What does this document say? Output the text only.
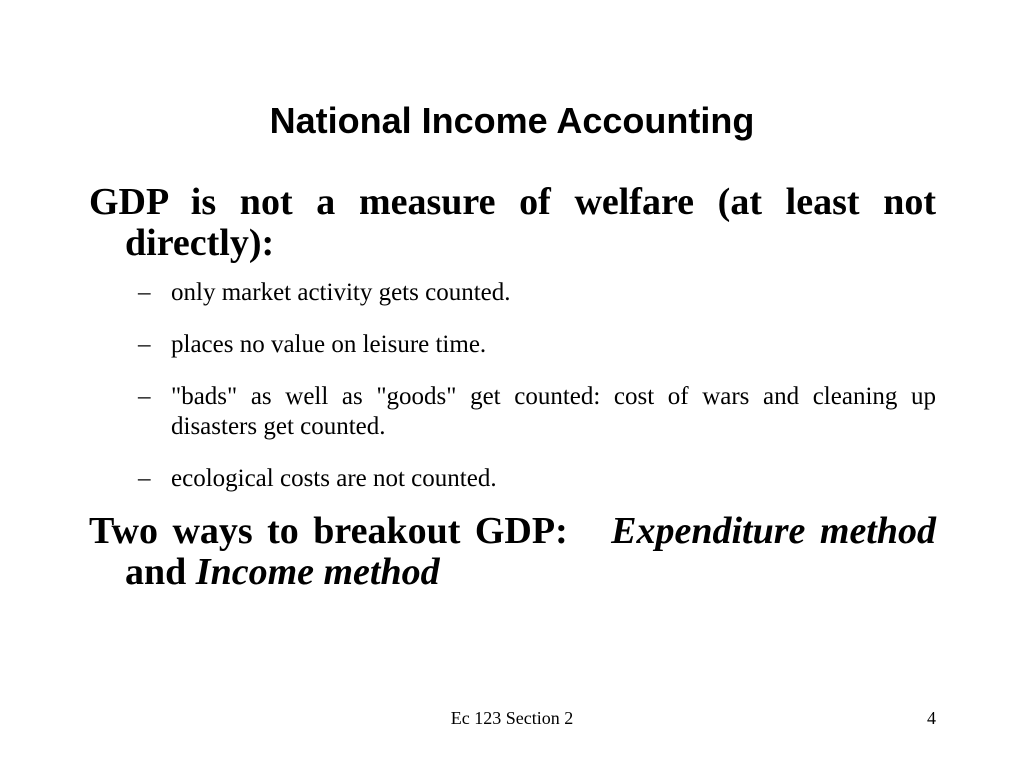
National Income Accounting

GDP is not a measure of welfare (at least not directly):

– only market activity gets counted.
– places no value on leisure time.
– "bads" as well as "goods" get counted: cost of wars and cleaning up disasters get counted.
– ecological costs are not counted.

Two ways to breakout GDP: Expenditure method and Income method

Ec 123 Section 2	4
